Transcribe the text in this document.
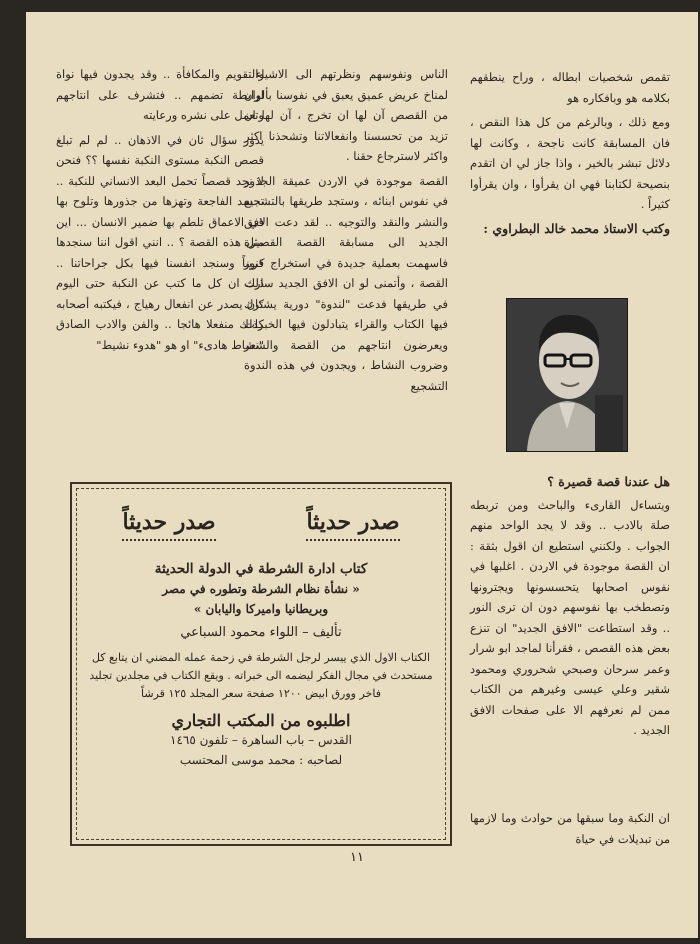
تقمص شخصيات ابطاله ، وراح ينطقهم بكلامه هو وبافكاره هو

ومع ذلك ، وبالرغم من كل هذا النقص ، فان المسابقة كانت ناجحة ، وكانت لها دلائل تبشر بالخير ، واذا جاز لي ان اتقدم بنصيحة لكتابنا فهي ان يقرأوا ، وان يقرأوا كثيراً .

وكتب الاستاذ محمد خالد البطراوي :

هل عندنا قصة قصيرة ؟

ويتساءل القارىء والباحث ومن تربطه صلة بالادب .. وقد لا يجد الواحد منهم الجواب . ولكنني استطيع ان اقول بثقة : ان القصة موجودة في الاردن . اغلبها في نفوس اصحابها يتحسسونها ويجترونها وتصطخب بها نفوسهم دون ان ترى النور .. وقد استطاعت "الافق الجديد" ان تنزع بعض هذه القصص ، فقرأنا لماجد ابو شرار وعمر سرحان وصبحي شحروري ومحمود شقير وعلي عيسى وغيرهم من الكتاب ممن لم نعرفهم الا على صفحات الافق الجديد .

ان النكبة وما سبقها من حوادث وما لازمها من تبديلات في حياة

الناس ونفوسهم ونظرتهم الى الاشياء ، لمناخ عريض عميق يعبق في نفوسنا بألوان من القصص آن لها ان تخرج ، آن لها ان تزيد من تحسسنا وانفعالاتنا وتشحذنا اكثر واكثر لاسترجاع حقنا .

القصة موجودة في الاردن عميقة الجذور في نفوس ابنائه ، وستجد طريقها بالتشجيع والنشر والنقد والتوجيه .. لقد دعت الافق الجديد الى مسابقة القصة القصيرة فاسهمت بعملية جديدة في استخراج كنوز القصة ، وأتمنى لو ان الافق الجديد سارت في طريقها فدعت "لندوة" دورية يشترك فيها الكتاب والقراء يتبادلون فيها الخبرات ويعرضون انتاجهم من القصة والشعر وضروب النشاط ، ويجدون في هذه الندوة التشجيع

والتقويم والمكافأة .. وقد يجدون فيها نواة لرابطة تضمهم .. فتشرف على انتاجهم وتعمل على نشره ورعايته

يدور سؤال ثان في الاذهان .. لم لم تبلغ قصص النكبة مستوى النكبة نفسها ؟؟ فنحن لا نجد قصصاً تحمل البعد الانساني للنكبة .. تجسد الفاجعة وتهزها من جذورها وتلوح بها في الاعماق تلطم بها ضمير الانسان ... اين مثل هذه القصة ؟ .. انني اقول اننا سنجدها قريباً وسنجد انفسنا فيها بكل جراحاتنا .. ذلك ان كل ما كتب عن النكبة حتى اليوم كان يصدر عن انفعال رهياج ، فيكتبه أصحابه كذلك منفعلا هائجا .. والفن والادب الصادق "نشاط هادىء" او هو "هدوء نشيط"

صدر حديثاً
صدر حديثاً
كتاب ادارة الشرطة في الدولة الحديثة
« نشأة نظام الشرطة وتطوره في مصر
وبريطانيا واميركا واليابان »
تأليف – اللواء محمود السباعي
الكتاب الاول الذي ييسر لرجل الشرطة في زحمة عمله المضني ان يتابع كل مستحدث في مجال الفكر ليضمه الى خبراته . ويقع الكتاب في مجلدين تجليد فاخر وورق ابيض ١٢٠٠ صفحة سعر المجلد ١٢٥ قرشاً
اطلبوه من المكتب التجاري
القدس – باب الساهرة – تلفون ١٤٦٥
لصاحبه : محمد موسى المحتسب
١١
